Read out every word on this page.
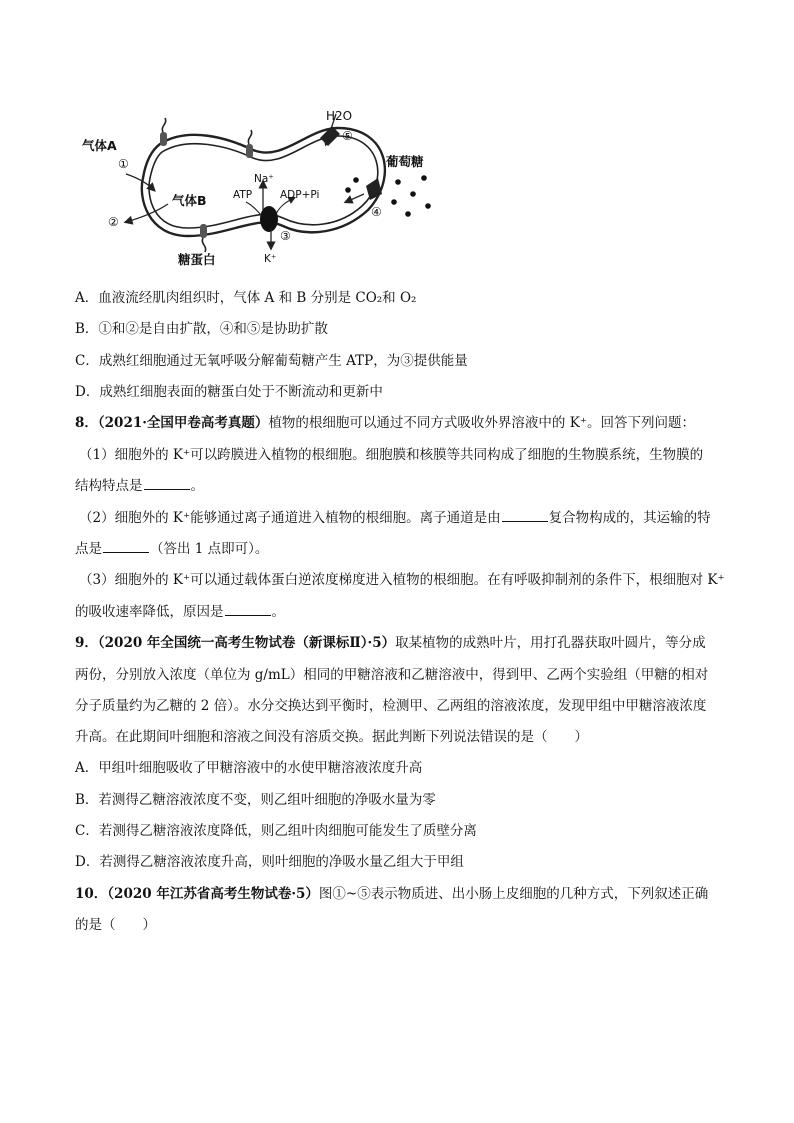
气体A
①
气体B
②
糖蛋白
H2O
⑤
葡萄糖
④
Na⁺
ATP	ADP+Pi
③
K⁺
A．血液流经肌肉组织时，气体 A 和 B 分别是 CO₂和 O₂
B．①和②是自由扩散，④和⑤是协助扩散
C．成熟红细胞通过无氧呼吸分解葡萄糖产生 ATP，为③提供能量
D．成熟红细胞表面的糖蛋白处于不断流动和更新中
8．（2021·全国甲卷高考真题）植物的根细胞可以通过不同方式吸收外界溶液中的 K⁺。回答下列问题：
（1）细胞外的 K⁺可以跨膜进入植物的根细胞。细胞膜和核膜等共同构成了细胞的生物膜系统，生物膜的
结构特点是	。
（2）细胞外的 K⁺能够通过离子通道进入植物的根细胞。离子通道是由	复合物构成的，其运输的特
点是	（答出 1 点即可）。
（3）细胞外的 K⁺可以通过载体蛋白逆浓度梯度进入植物的根细胞。在有呼吸抑制剂的条件下，根细胞对 K⁺
的吸收速率降低，原因是	。
9．（2020 年全国统一高考生物试卷（新课标Ⅱ）·5）取某植物的成熟叶片，用打孔器获取叶圆片，等分成
两份，分别放入浓度（单位为 g/mL）相同的甲糖溶液和乙糖溶液中，得到甲、乙两个实验组（甲糖的相对
分子质量约为乙糖的 2 倍）。水分交换达到平衡时，检测甲、乙两组的溶液浓度，发现甲组中甲糖溶液浓度
升高。在此期间叶细胞和溶液之间没有溶质交换。据此判断下列说法错误的是（　　）
A．甲组叶细胞吸收了甲糖溶液中的水使甲糖溶液浓度升高
B．若测得乙糖溶液浓度不变，则乙组叶细胞的净吸水量为零
C．若测得乙糖溶液浓度降低，则乙组叶肉细胞可能发生了质壁分离
D．若测得乙糖溶液浓度升高，则叶细胞的净吸水量乙组大于甲组
10．（2020 年江苏省高考生物试卷·5）图①~⑤表示物质进、出小肠上皮细胞的几种方式，下列叙述正确
的是（　　）
